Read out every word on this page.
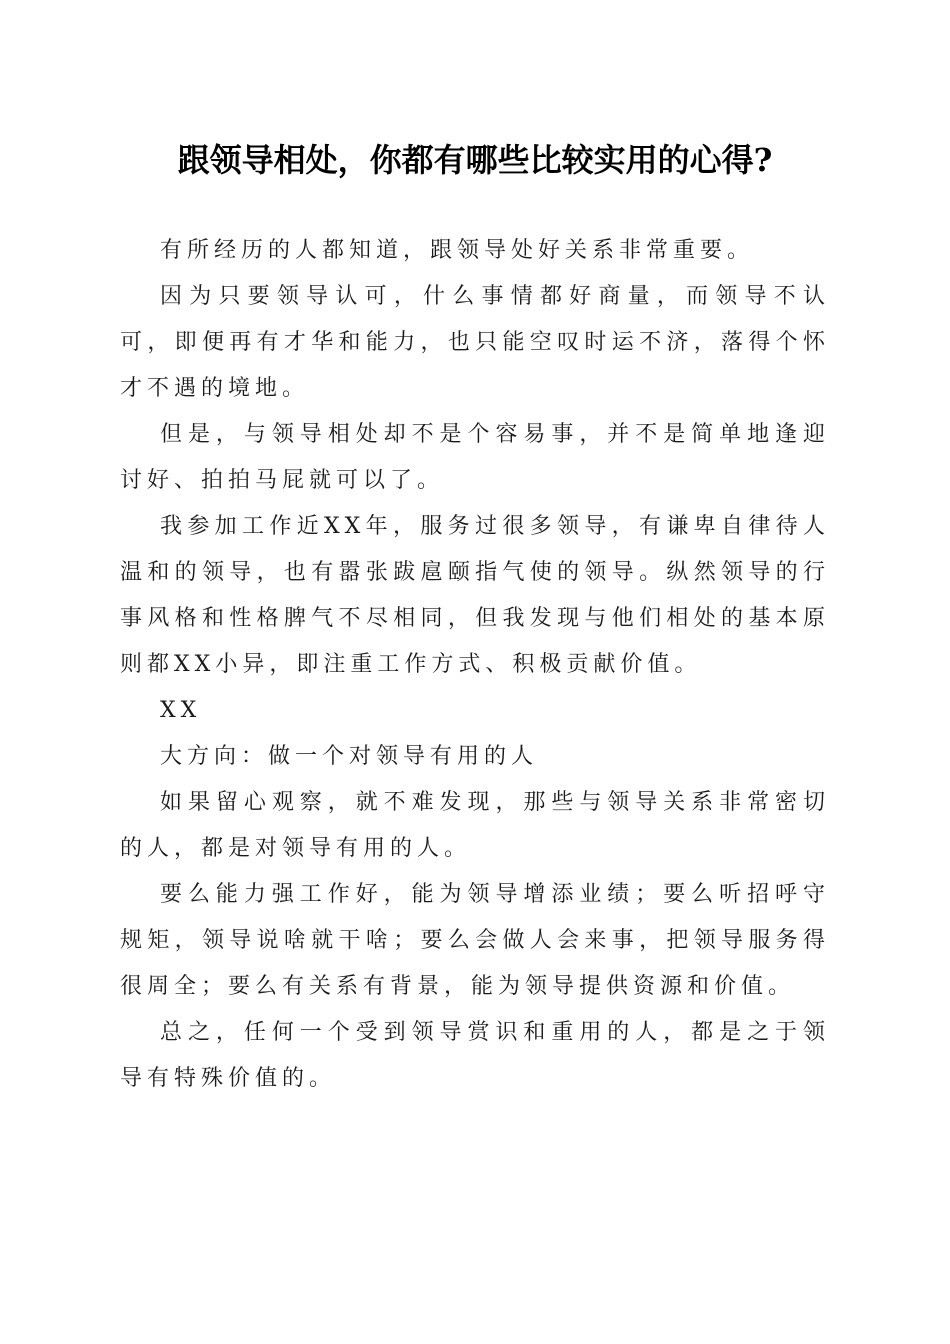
跟领导相处，你都有哪些比较实用的心得?

有所经历的人都知道，跟领导处好关系非常重要。

因为只要领导认可，什么事情都好商量，而领导不认可，即便再有才华和能力，也只能空叹时运不济，落得个怀才不遇的境地。

但是，与领导相处却不是个容易事，并不是简单地逢迎讨好、拍拍马屁就可以了。

我参加工作近XX年，服务过很多领导，有谦卑自律待人温和的领导，也有嚣张跋扈颐指气使的领导。纵然领导的行事风格和性格脾气不尽相同，但我发现与他们相处的基本原则都XX小异，即注重工作方式、积极贡献价值。

XX

大方向：做一个对领导有用的人

如果留心观察，就不难发现，那些与领导关系非常密切的人，都是对领导有用的人。

要么能力强工作好，能为领导增添业绩；要么听招呼守规矩，领导说啥就干啥；要么会做人会来事，把领导服务得很周全；要么有关系有背景，能为领导提供资源和价值。

总之，任何一个受到领导赏识和重用的人，都是之于领导有特殊价值的。
